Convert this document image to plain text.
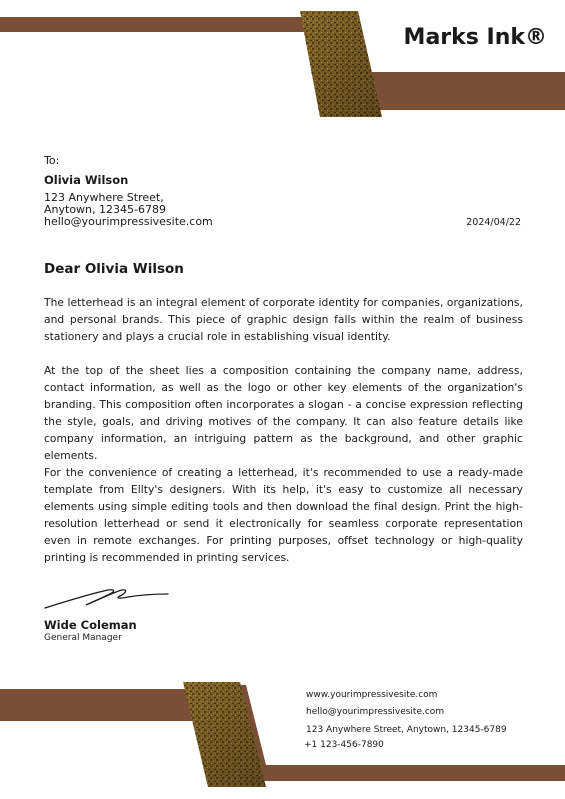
Marks Ink®
To:
Olivia Wilson
123 Anywhere Street,
Anytown, 12345-6789
hello@yourimpressivesite.com	2024/04/22
Dear Olivia Wilson
The letterhead is an integral element of corporate identity for companies, organizations, and personal brands. This piece of graphic design falls within the realm of business stationery and plays a crucial role in establishing visual identity.
At the top of the sheet lies a composition containing the company name, address, contact information, as well as the logo or other key elements of the organization's branding. This composition often incorporates a slogan - a concise expression reflecting the style, goals, and driving motives of the company. It can also feature details like company information, an intriguing pattern as the background, and other graphic elements.
For the convenience of creating a letterhead, it's recommended to use a ready-made template from Ellty's designers. With its help, it's easy to customize all necessary elements using simple editing tools and then download the final design. Print the high-resolution letterhead or send it electronically for seamless corporate representation even in remote exchanges. For printing purposes, offset technology or high-quality printing is recommended in printing services.
Wide Coleman
General Manager
www.yourimpressivesite.com
hello@yourimpressivesite.com
123 Anywhere Street, Anytown, 12345-6789
+1 123-456-7890
